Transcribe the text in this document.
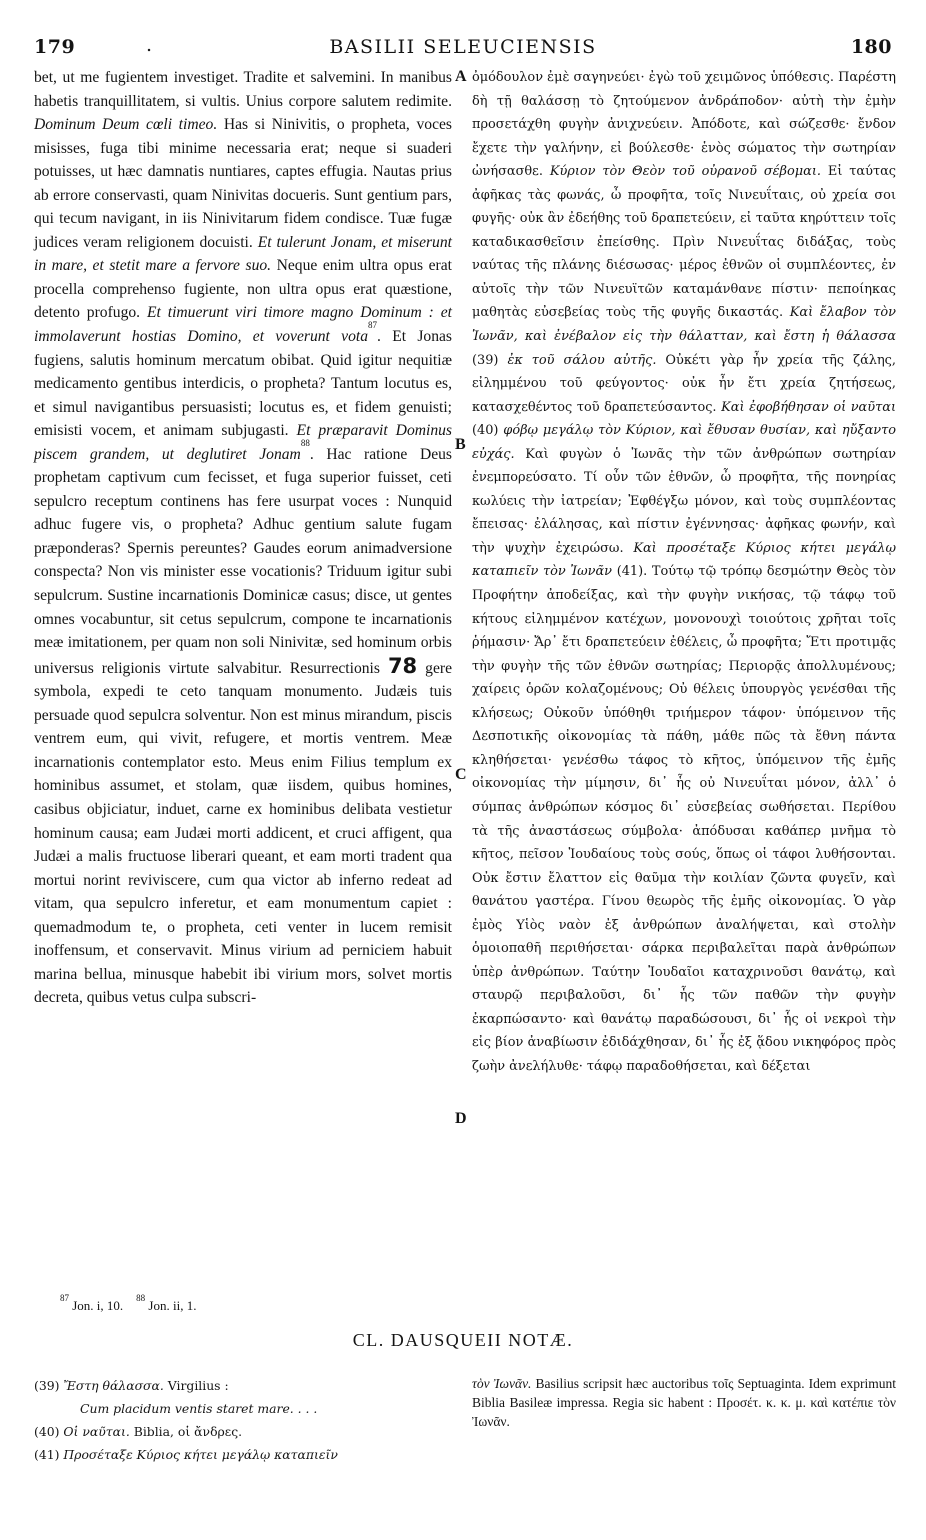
179	.	BASILII SELEUCIENSIS	180

bet, ut me fugientem investiget. Tradite et salvemini. In manibus habetis tranquillitatem, si vultis. Unius corpore salutem redimite. Dominum Deum cœli timeo. Has si Ninivitis, o propheta, voces misisses, fuga tibi minime necessaria erat; neque si suaderi potuisses, ut hæc damnatis nuntiares, captes effugia. Nautas prius ab errore conservasti, quam Ninivitas docueris. Sunt gentium pars, qui tecum navigant, in iis Ninivitarum fidem condisce. Tuæ fugæ judices veram religionem docuisti. Et tulerunt Jonam, et miserunt in mare, et stetit mare a fervore suo. Neque enim ultra opus erat procella comprehenso fugiente, non ultra opus erat quæstione, detento profugo. Et timuerunt viri timore magno Dominum : et immolaverunt hostias Domino, et voverunt vota$^{87}$. Et Jonas fugiens, salutis hominum mercatum obibat. Quid igitur nequitiæ medicamento gentibus interdicis, o propheta? Tantum locutus es, et simul navigantibus persuasisti; locutus es, et fidem genuisti; emisisti vocem, et animam subjugasti. Et præparavit Dominus piscem grandem, ut deglutiret Jonam$^{88}$. Hac ratione Deus prophetam captivum cum fecisset, et fuga superior fuisset, ceti sepulcro receptum continens has fere usurpat voces : Nunquid adhuc fugere vis, o propheta? Adhuc gentium salute fugam præponderas? Spernis pereuntes? Gaudes eorum animadversione conspecta? Non vis minister esse vocationis? Triduum igitur subi sepulcrum. Sustine incarnationis Dominicæ casus; disce, ut gentes omnes vocabuntur, sit cetus sepulcrum, compone te incarnationis meæ imitationem, per quam non soli Ninivitæ, sed hominum orbis universus religionis virtute salvabitur. Resurrectionis 78 gere symbola, expedi te ceto tanquam monumento. Judæis tuis persuade quod sepulcra solventur. Non est minus mirandum, piscis ventrem eum, qui vivit, refugere, et mortis ventrem. Meæ incarnationis contemplator esto. Meus enim Filius templum ex hominibus assumet, et stolam, quæ iisdem, quibus homines, casibus objiciatur, induet, carne ex hominibus delibata vestietur hominum causa; eam Judæi morti addicent, et cruci affigent, qua Judæi a malis fructuose liberari queant, et eam morti tradent qua mortui norint reviviscere, cum qua victor ab inferno redeat ad vitam, qua sepulcro inferetur, et eam monumentum capiet : quemadmodum te, o propheta, ceti venter in lucem remisit inoffensum, et conservavit. Minus virium ad perniciem habuit marina bellua, minusque habebit ibi virium mors, solvet mortis decreta, quibus vetus culpa subscri-

A
B
C
D

ὀμόδουλον ἐμὲ σαγηνεύει· ἐγὼ τοῦ χειμῶνος ὑπόθεσις. Παρέστη δὴ τῇ θαλάσσῃ τὸ ζητούμενον ἀνδράποδον· αὐτὴ τὴν ἐμὴν προσετάχθη φυγὴν ἀνιχνεύειν. Ἀπόδοτε, καὶ σώζεσθε· ἔνδον ἔχετε τὴν γαλήνην, εἰ βούλεσθε· ἑνὸς σώματος τὴν σωτηρίαν ὠνήσασθε. Κύριον τὸν Θεὸν τοῦ οὐρανοῦ σέβομαι. Εἰ ταύτας ἀφῆκας τὰς φωνάς, ὦ προφῆτα, τοῖς Νινευΐταις, οὐ χρεία σοι φυγῆς· οὐκ ἂν ἐδεήθης τοῦ δραπετεύειν, εἰ ταῦτα κηρύττειν τοῖς καταδικασθεῖσιν ἐπείσθης. Πρὶν Νινευΐτας διδάξας, τοὺς ναύτας τῆς πλάνης διέσωσας· μέρος ἐθνῶν οἱ συμπλέοντες, ἐν αὐτοῖς τὴν τῶν Νινευϊτῶν καταμάνθανε πίστιν· πεποίηκας μαθητὰς εὐσεβείας τοὺς τῆς φυγῆς δικαστάς. Καὶ ἔλαβον τὸν Ἰωνᾶν, καὶ ἐνέβαλον εἰς τὴν θάλατταν, καὶ ἔστη ἡ θάλασσα (39) ἐκ τοῦ σάλου αὐτῆς. Οὐκέτι γὰρ ἦν χρεία τῆς ζάλης, εἰλημμένου τοῦ φεύγοντος· οὐκ ἦν ἔτι χρεία ζητήσεως, κατασχεθέντος τοῦ δραπετεύσαντος. Καὶ ἐφοβήθησαν οἱ ναῦται (40) φόβῳ μεγάλῳ τὸν Κύριον, καὶ ἔθυσαν θυσίαν, καὶ ηὔξαντο εὐχάς. Καὶ φυγὼν ὁ Ἰωνᾶς τὴν τῶν ἀνθρώπων σωτηρίαν ἐνεμπορεύσατο. Τί οὖν τῶν ἐθνῶν, ὦ προφῆτα, τῆς πονηρίας κωλύεις τὴν ἰατρείαν; Ἐφθέγξω μόνον, καὶ τοὺς συμπλέοντας ἔπεισας· ἐλάλησας, καὶ πίστιν ἐγέννησας· ἀφῆκας φωνήν, καὶ τὴν ψυχὴν ἐχειρώσω. Καὶ προσέταξε Κύριος κήτει μεγάλῳ καταπιεῖν τὸν Ἰωνᾶν (41). Τούτῳ τῷ τρόπῳ δεσμώτην Θεὸς τὸν Προφήτην ἀποδείξας, καὶ τὴν φυγὴν νικήσας, τῷ τάφῳ τοῦ κήτους εἰλημμένον κατέχων, μονονουχὶ τοιούτοις χρῆται τοῖς ῥήμασιν· Ἄρ᾽ ἔτι δραπετεύειν ἐθέλεις, ὦ προφῆτα; Ἔτι προτιμᾷς τὴν φυγὴν τῆς τῶν ἐθνῶν σωτηρίας; Περιορᾷς ἀπολλυμένους; χαίρεις ὁρῶν κολαζομένους; Οὐ θέλεις ὑπουργὸς γενέσθαι τῆς κλήσεως; Οὐκοῦν ὑπόθηθι τριήμερον τάφον· ὑπόμεινον τῆς Δεσποτικῆς οἰκονομίας τὰ πάθη, μάθε πῶς τὰ ἔθνη πάντα κληθήσεται· γενέσθω τάφος τὸ κῆτος, ὑπόμεινον τῆς ἐμῆς οἰκονομίας τὴν μίμησιν, δι᾽ ἧς οὐ Νινευΐται μόνον, ἀλλ᾽ ὁ σύμπας ἀνθρώπων κόσμος δι᾽ εὐσεβείας σωθήσεται. Περίθου τὰ τῆς ἀναστάσεως σύμβολα· ἀπόδυσαι καθάπερ μνῆμα τὸ κῆτος, πεῖσον Ἰουδαίους τοὺς σούς, ὅπως οἱ τάφοι λυθήσονται. Οὐκ ἔστιν ἔλαττον εἰς θαῦμα τὴν κοιλίαν ζῶντα φυγεῖν, καὶ θανάτου γαστέρα. Γίνου θεωρὸς τῆς ἐμῆς οἰκονομίας. Ὁ γὰρ ἐμὸς Υἱὸς ναὸν ἐξ ἀνθρώπων ἀναλήψεται, καὶ στολὴν ὁμοιοπαθῆ περιθήσεται· σάρκα περιβαλεῖται παρὰ ἀνθρώπων ὑπὲρ ἀνθρώπων. Ταύτην Ἰουδαῖοι καταχρινοῦσι θανάτῳ, καὶ σταυρῷ περιβαλοῦσι, δι᾽ ἧς τῶν παθῶν τὴν φυγὴν ἐκαρπώσαντο· καὶ θανάτῳ παραδώσουσι, δι᾽ ἧς οἱ νεκροὶ τὴν εἰς βίον ἀναβίωσιν ἐδιδάχθησαν, δι᾽ ἧς ἐξ ᾅδου νικηφόρος πρὸς ζωὴν ἀνελήλυθε· τάφῳ παραδοθήσεται, καὶ δέξεται

$^{87}$ Jon. i, 10. $^{88}$ Jon. ii, 1.
CL. DAUSQUEII NOTÆ.
(39) Ἔστη θάλασσα. Virgilius :
Cum placidum ventis staret mare. . . .
(40) Οἱ ναῦται. Biblia, οἱ ἄνδρες.
(41) Προσέταξε Κύριος κήτει μεγάλῳ καταπιεῖν
τὸν Ἰωνᾶν. Basilius scripsit hæc auctoribus τοῖς Septuaginta. Idem exprimunt Biblia Basileæ impressa. Regia sic habent : Προσέτ. κ. κ. μ. καὶ κατέπιε τὸν Ἰωνᾶν.
